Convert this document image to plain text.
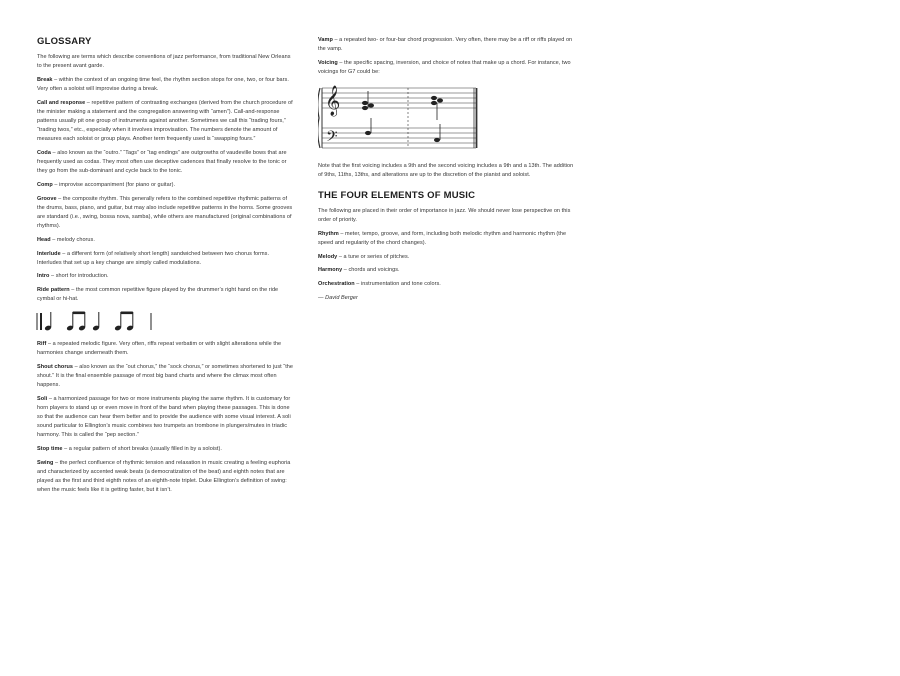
GLOSSARY

The following are terms which describe conventions of jazz performance, from traditional New Orleans to the present avant garde.

Break – within the context of an ongoing time feel, the rhythm section stops for one, two, or four bars. Very often a soloist will improvise during a break.

Call and response – repetitive pattern of contrasting exchanges (derived from the church procedure of the minister making a statement and the congregation answering with “amen”). Call-and-response patterns usually pit one group of instruments against another. Sometimes we call this “trading fours,” “trading twos,” etc., especially when it involves improvisation. The numbers denote the amount of measures each soloist or group plays. Another term frequently used is “swapping fours.”

Coda – also known as the “outro.” “Tags” or “tag endings” are outgrowths of vaudeville bows that are frequently used as codas. They most often use deceptive cadences that finally resolve to the tonic or they go from the sub-dominant and cycle back to the tonic.

Comp – improvise accompaniment (for piano or guitar).

Groove – the composite rhythm. This generally refers to the combined repetitive rhythmic patterns of the drums, bass, piano, and guitar, but may also include repetitive patterns in the horns. Some grooves are standard (i.e., swing, bossa nova, samba), while others are manufactured (original combinations of rhythms).

Head – melody chorus.

Interlude – a different form (of relatively short length) sandwiched between two chorus forms. Interludes that set up a key change are simply called modulations.

Intro – short for introduction.

Ride pattern – the most common repetitive figure played by the drummer’s right hand on the ride cymbal or hi-hat.

Riff – a repeated melodic figure. Very often, riffs repeat verbatim or with slight alterations while the harmonies change underneath them.

Shout chorus – also known as the “out chorus,” the “sock chorus,” or sometimes shortened to just “the shout.” It is the final ensemble passage of most big band charts and where the climax most often happens.

Soli – a harmonized passage for two or more instruments playing the same rhythm. It is customary for horn players to stand up or even move in front of the band when playing these passages. This is done so that the audience can hear them better and to provide the audience with some visual interest. A soli sound particular to Ellington’s music combines two trumpets an trombone in plungers/mutes in triadic harmony. This is called the “pep section.”

Stop time – a regular pattern of short breaks (usually filled in by a soloist).

Swing – the perfect confluence of rhythmic tension and relaxation in music creating a feeling euphoria and characterized by accented weak beats (a democratization of the beat) and eighth notes that are played as the first and third eighth notes of an eighth-note triplet. Duke Ellington’s definition of swing: when the music feels like it is getting faster, but it isn’t.

Vamp – a repeated two- or four-bar chord progression. Very often, there may be a riff or riffs played on the vamp.

Voicing – the specific spacing, inversion, and choice of notes that make up a chord. For instance, two voicings for G7 could be:

𝄞
𝄢

Note that the first voicing includes a 9th and the second voicing includes a 9th and a 13th. The addition of 9ths, 11ths, 13ths, and alterations are up to the discretion of the pianist and soloist.

THE FOUR ELEMENTS OF MUSIC

The following are placed in their order of importance in jazz. We should never lose perspective on this order of priority.

Rhythm – meter, tempo, groove, and form, including both melodic rhythm and harmonic rhythm (the speed and regularity of the chord changes).

Melody – a tune or series of pitches.

Harmony – chords and voicings.

Orchestration – instrumentation and tone colors.

— David Berger
